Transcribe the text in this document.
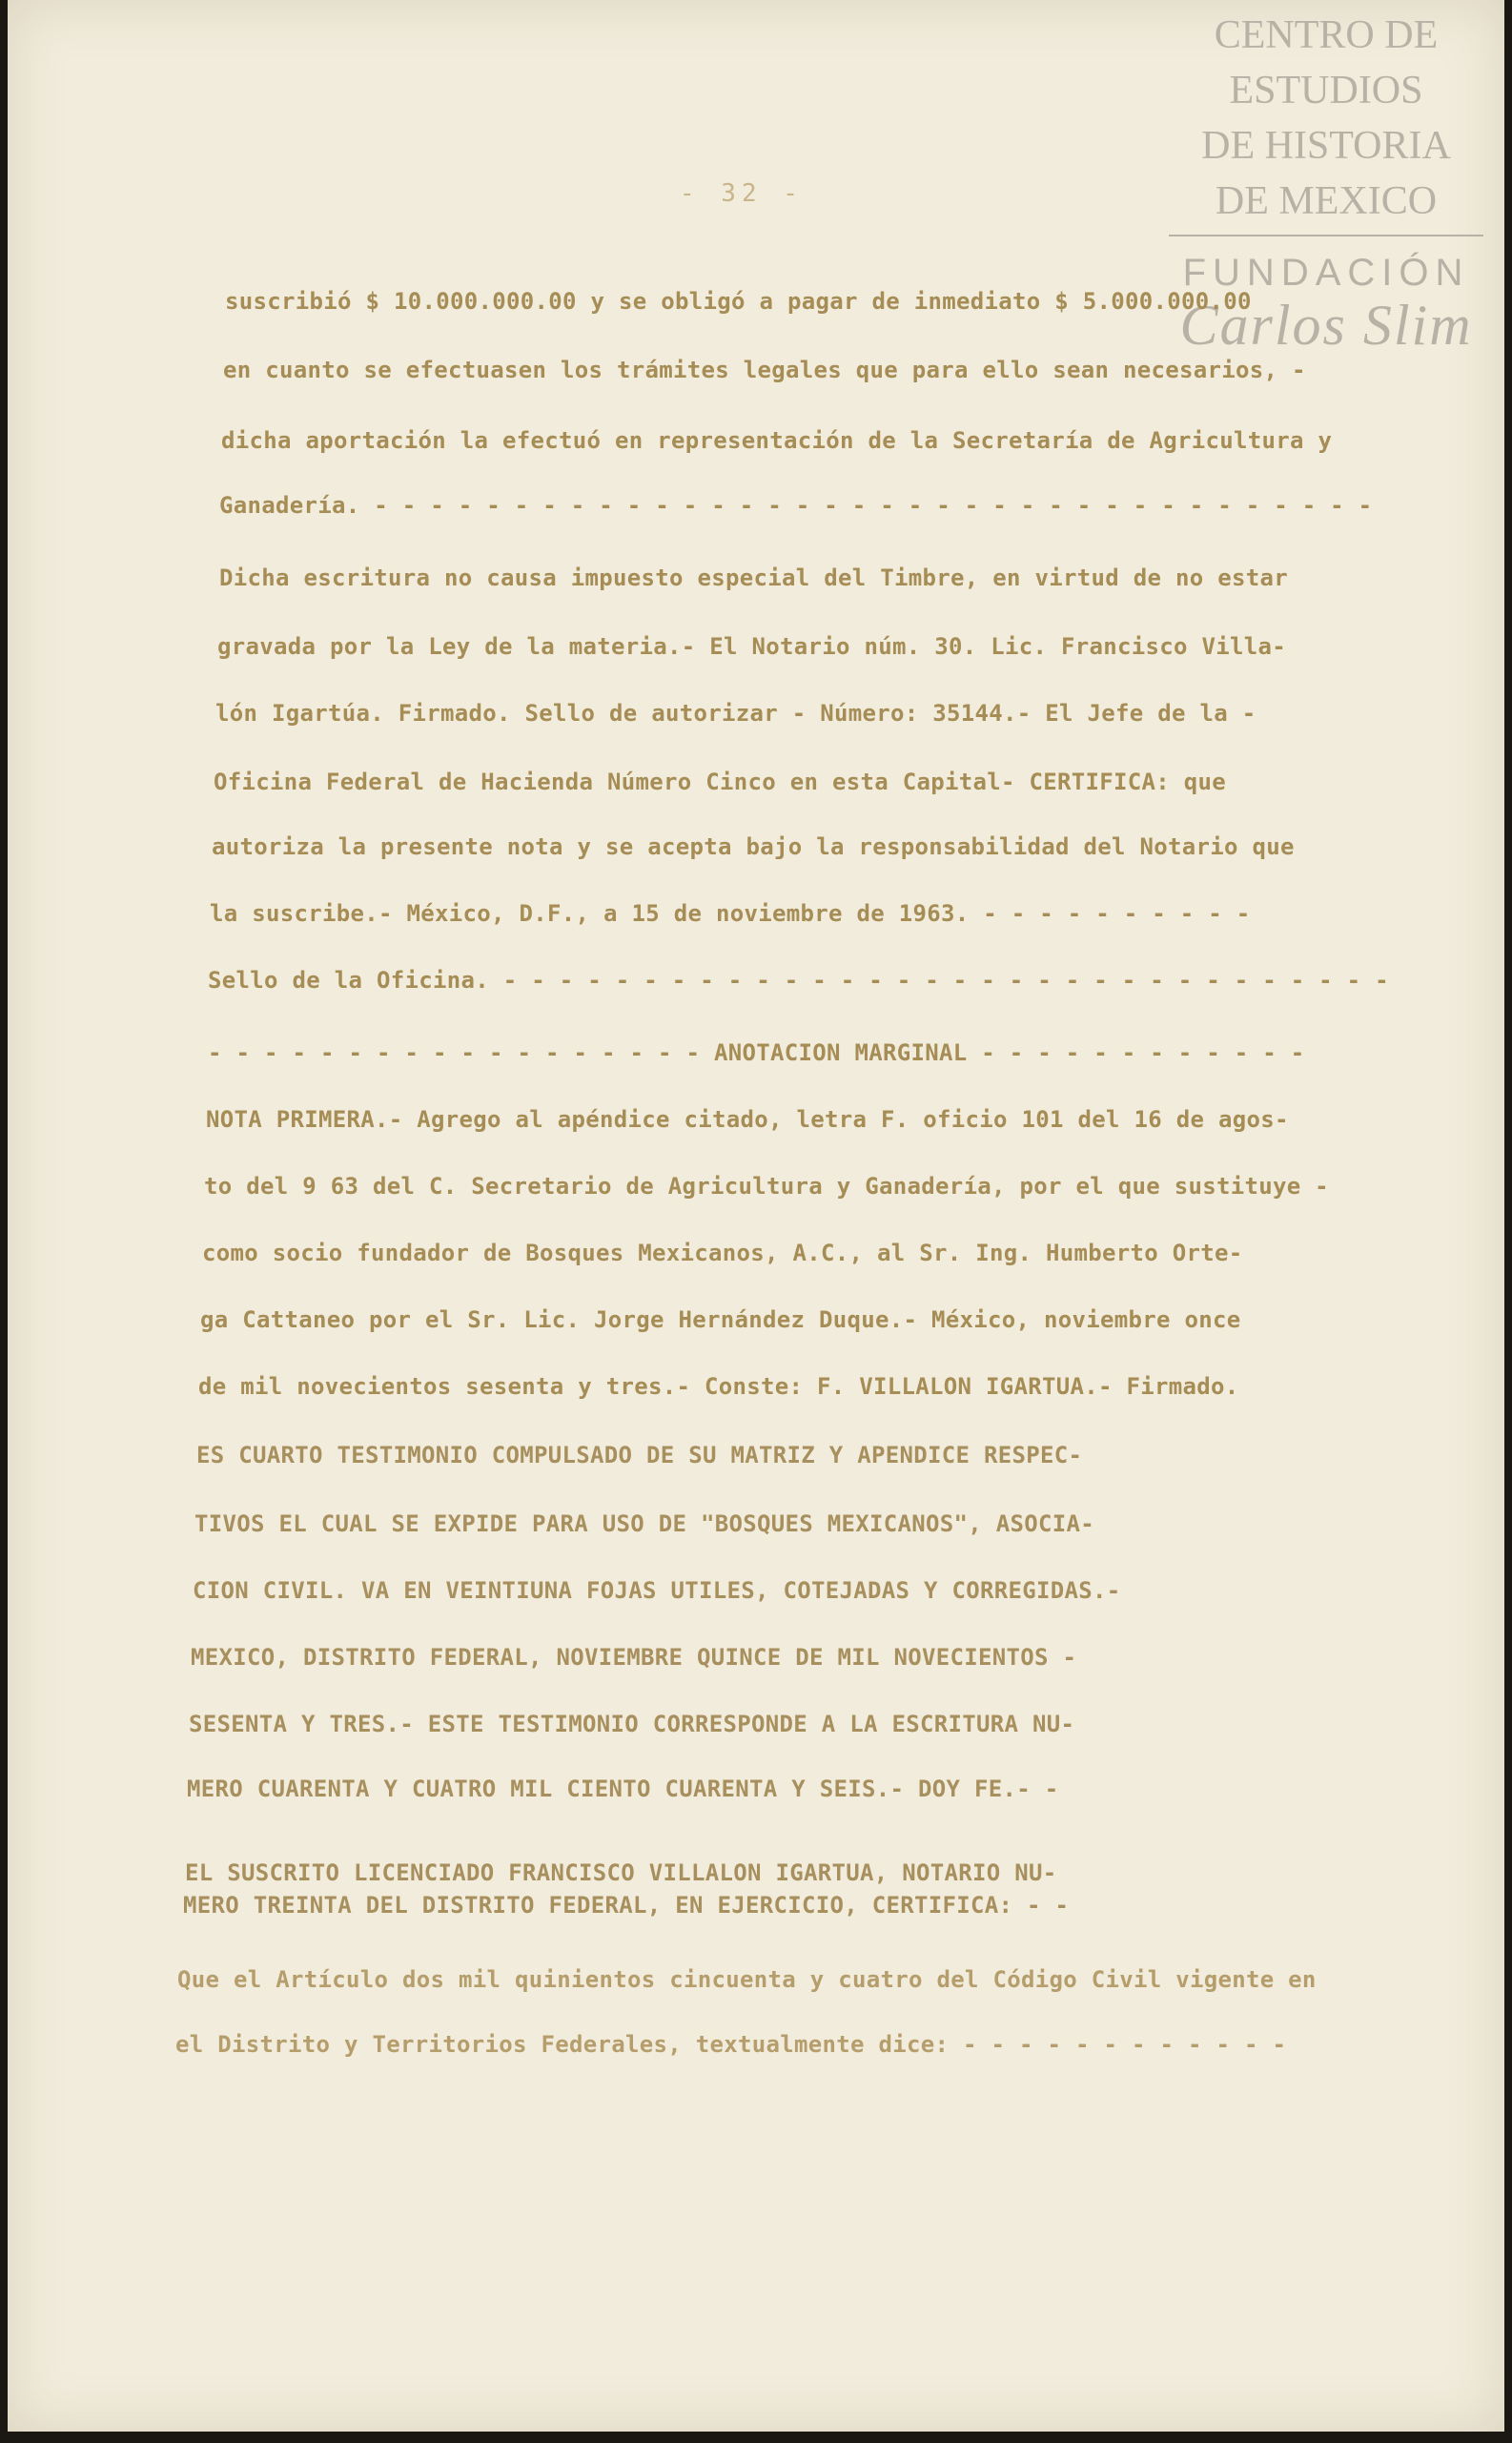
- 32 -
CENTRO DE
ESTUDIOS
DE HISTORIA
DE MEXICO
FUNDACIÓN
Carlos Slim
suscribió $ 10.000.000.00 y se obligó a pagar de inmediato $ 5.000.000.00
en cuanto se efectuasen los trámites legales que para ello sean necesarios, -
dicha aportación la efectuó en representación de la Secretaría de Agricultura y
Ganadería. - - - - - - - - - - - - - - - - - - - - - - - - - - - - - - - - - - - -
Dicha escritura no causa impuesto especial del Timbre, en virtud de no estar
gravada por la Ley de la materia.- El Notario núm. 30. Lic. Francisco Villa-
lón Igartúa. Firmado. Sello de autorizar - Número: 35144.- El Jefe de la -
Oficina Federal de Hacienda Número Cinco en esta Capital- CERTIFICA: que
autoriza la presente nota y se acepta bajo la responsabilidad del Notario que
la suscribe.- México, D.F., a 15 de noviembre de 1963. - - - - - - - - - -
Sello de la Oficina. - - - - - - - - - - - - - - - - - - - - - - - - - - - - - - - -
- - - - - - - - - - - - - - - - - - ANOTACION MARGINAL - - - - - - - - - - - -
NOTA PRIMERA.- Agrego al apéndice citado, letra F. oficio 101 del 16 de agos-
to del 9 63 del C. Secretario de Agricultura y Ganadería, por el que sustituye -
como socio fundador de Bosques Mexicanos, A.C., al Sr. Ing. Humberto Orte-
ga Cattaneo por el Sr. Lic. Jorge Hernández Duque.- México, noviembre once
de mil novecientos sesenta y tres.- Conste: F. VILLALON IGARTUA.- Firmado.
ES CUARTO TESTIMONIO COMPULSADO DE SU MATRIZ Y APENDICE RESPEC-
TIVOS EL CUAL SE EXPIDE PARA USO DE "BOSQUES MEXICANOS", ASOCIA-
CION CIVIL. VA EN VEINTIUNA FOJAS UTILES, COTEJADAS Y CORREGIDAS.-
MEXICO, DISTRITO FEDERAL, NOVIEMBRE QUINCE DE MIL NOVECIENTOS -
SESENTA Y TRES.- ESTE TESTIMONIO CORRESPONDE A LA ESCRITURA NU-
MERO CUARENTA Y CUATRO MIL CIENTO CUARENTA Y SEIS.- DOY FE.- -
EL SUSCRITO LICENCIADO FRANCISCO VILLALON IGARTUA, NOTARIO NU-
MERO TREINTA DEL DISTRITO FEDERAL, EN EJERCICIO, CERTIFICA: - -
Que el Artículo dos mil quinientos cincuenta y cuatro del Código Civil vigente en
el Distrito y Territorios Federales, textualmente dice: - - - - - - - - - - - -
